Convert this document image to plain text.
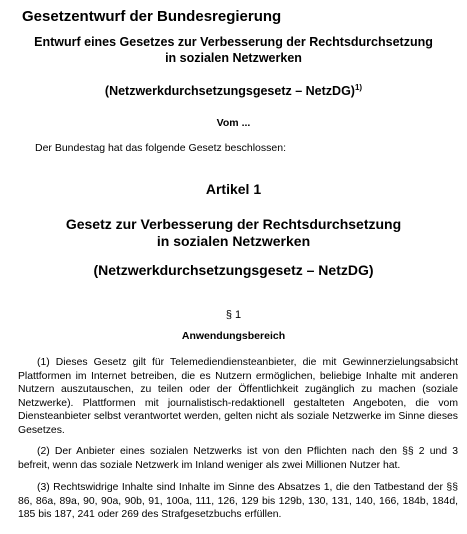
Gesetzentwurf der Bundesregierung
Entwurf eines Gesetzes zur Verbesserung der Rechtsdurchsetzung
in sozialen Netzwerken

(Netzwerkdurchsetzungsgesetz – NetzDG)$^{1)}$

Vom ...

Der Bundestag hat das folgende Gesetz beschlossen:

Artikel 1
Gesetz zur Verbesserung der Rechtsdurchsetzung
in sozialen Netzwerken
(Netzwerkdurchsetzungsgesetz – NetzDG)

§ 1

Anwendungsbereich

(1) Dieses Gesetz gilt für Telemediendiensteanbieter, die mit Gewinnerzielungsabsicht Plattformen im Internet betreiben, die es Nutzern ermöglichen, beliebige Inhalte mit anderen Nutzern auszutauschen, zu teilen oder der Öffentlichkeit zugänglich zu machen (soziale Netzwerke). Plattformen mit journalistisch-redaktionell gestalteten Angeboten, die vom Diensteanbieter selbst verantwortet werden, gelten nicht als soziale Netzwerke im Sinne dieses Gesetzes.

(2) Der Anbieter eines sozialen Netzwerks ist von den Pflichten nach den §§ 2 und 3 befreit, wenn das soziale Netzwerk im Inland weniger als zwei Millionen Nutzer hat.

(3) Rechtswidrige Inhalte sind Inhalte im Sinne des Absatzes 1, die den Tatbestand der §§ 86, 86a, 89a, 90, 90a, 90b, 91, 100a, 111, 126, 129 bis 129b, 130, 131, 140, 166, 184b, 184d, 185 bis 187, 241 oder 269 des Strafgesetzbuchs erfüllen.
